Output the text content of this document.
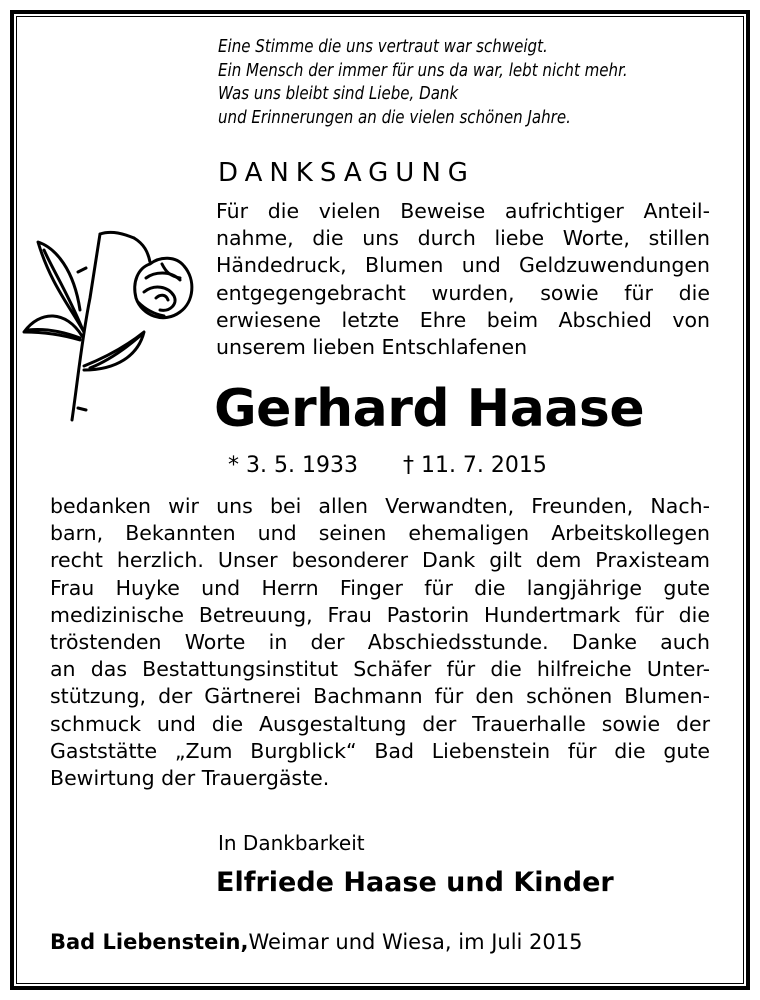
Eine Stimme die uns vertraut war schweigt.
Ein Mensch der immer für uns da war, lebt nicht mehr.
Was uns bleibt sind Liebe, Dank
und Erinnerungen an die vielen schönen Jahre.
DANKSAGUNG
Für die vielen Beweise aufrichtiger Anteil-
nahme, die uns durch liebe Worte, stillen
Händedruck, Blumen und Geldzuwendungen
entgegengebracht wurden, sowie für die
erwiesene letzte Ehre beim Abschied von
unserem lieben Entschlafenen
Gerhard Haase
* 3. 5. 1933 † 11. 7. 2015
bedanken wir uns bei allen Verwandten, Freunden, Nach-
barn, Bekannten und seinen ehemaligen Arbeitskollegen
recht herzlich. Unser besonderer Dank gilt dem Praxisteam
Frau Huyke und Herrn Finger für die langjährige gute
medizinische Betreuung, Frau Pastorin Hundertmark für die
tröstenden Worte in der Abschiedsstunde. Danke auch
an das Bestattungsinstitut Schäfer für die hilfreiche Unter-
stützung, der Gärtnerei Bachmann für den schönen Blumen-
schmuck und die Ausgestaltung der Trauerhalle sowie der
Gaststätte „Zum Burgblick“ Bad Liebenstein für die gute
Bewirtung der Trauergäste.
In Dankbarkeit
Elfriede Haase und Kinder
Bad Liebenstein,Weimar und Wiesa, im Juli 2015
